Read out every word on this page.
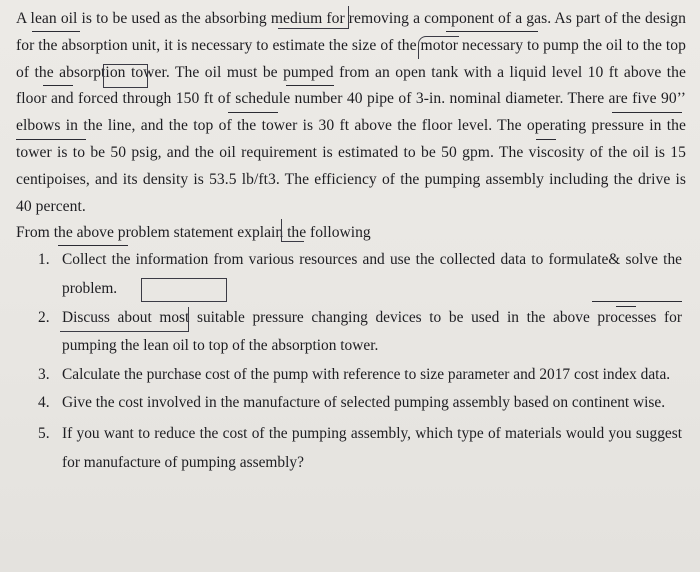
A lean oil is to be used as the absorbing medium for removing a component of a gas. As part of the design for the absorption unit, it is necessary to estimate the size of the motor necessary to pump the oil to the top of the absorption tower. The oil must be pumped from an open tank with a liquid level 10 ft above the floor and forced through 150 ft of schedule number 40 pipe of 3-in. nominal diameter. There are five 90’’ elbows in the line, and the top of the tower is 30 ft above the floor level. The operating pressure in the tower is to be 50 psig, and the oil requirement is estimated to be 50 gpm. The viscosity of the oil is 15 centipoises, and its density is 53.5 lb/ft3. The efficiency of the pumping assembly including the drive is 40 percent.

From the above problem statement explain the following

1. Collect the information from various resources and use the collected data to formulate& solve the problem.
2. Discuss about most suitable pressure changing devices to be used in the above processes for pumping the lean oil to top of the absorption tower.
3. Calculate the purchase cost of the pump with reference to size parameter and 2017 cost index data.
4. Give the cost involved in the manufacture of selected pumping assembly based on continent wise.
5. If you want to reduce the cost of the pumping assembly, which type of materials would you suggest for manufacture of pumping assembly?
